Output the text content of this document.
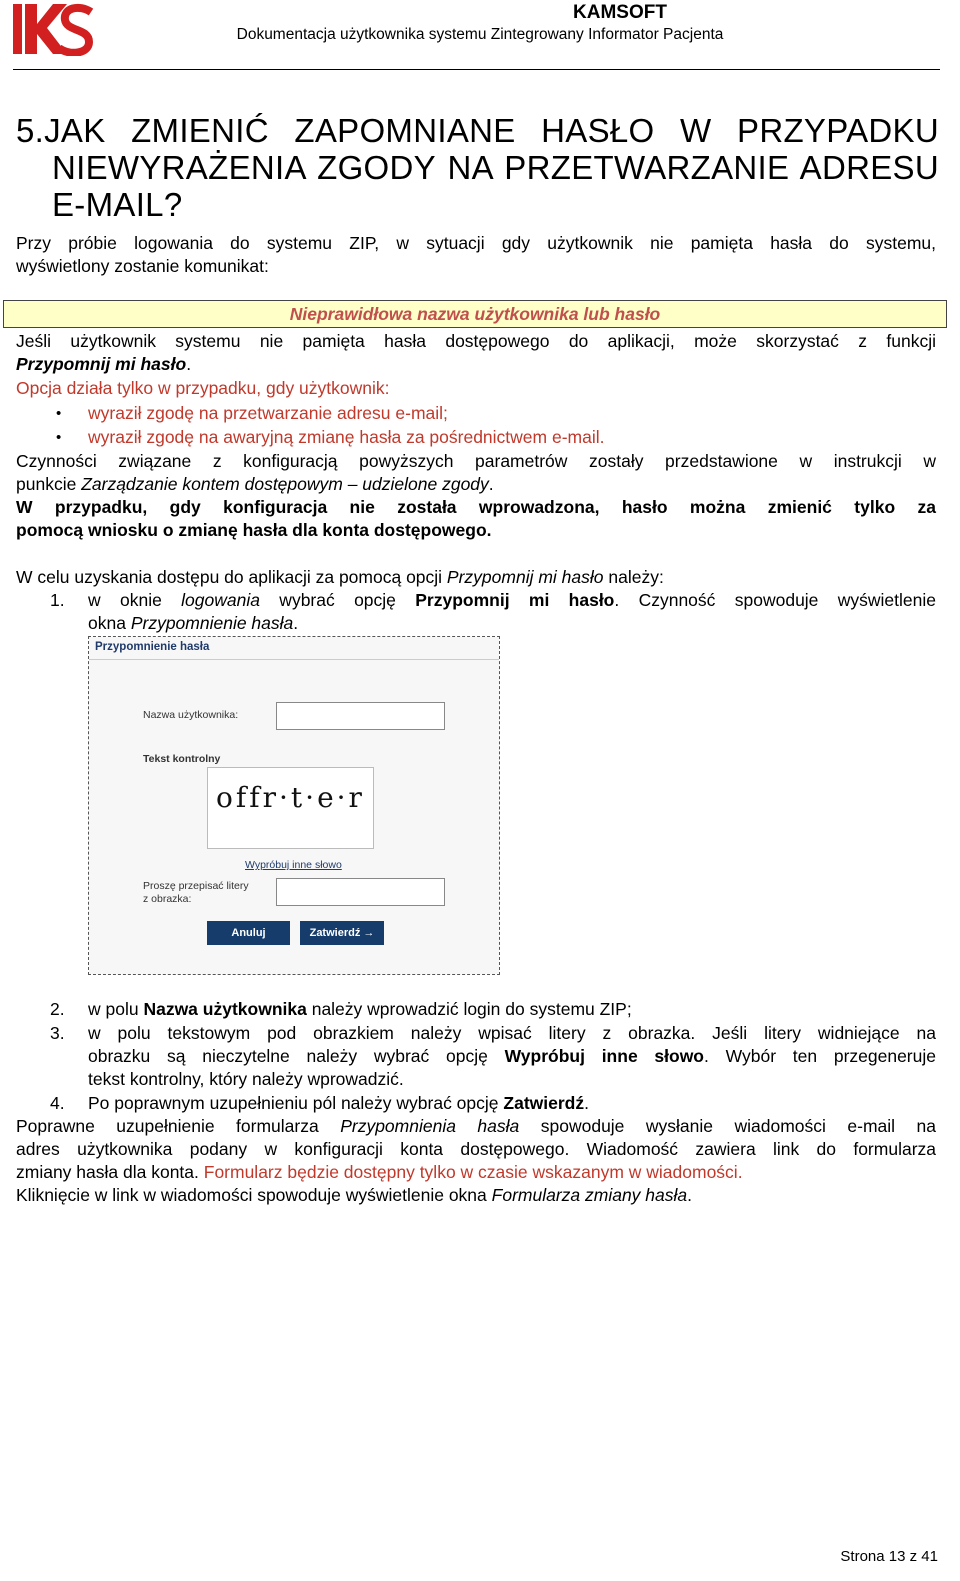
KAMSOFT
Dokumentacja użytkownika systemu Zintegrowany Informator Pacjenta
5.JAK ZMIENIĆ ZAPOMNIANE HASŁO W PRZYPADKU
NIEWYRAŻENIA ZGODY NA PRZETWARZANIE ADRESU
E-MAIL?
Przy próbie logowania do systemu ZIP, w sytuacji gdy użytkownik nie pamięta hasła do systemu,
wyświetlony zostanie komunikat:
Nieprawidłowa nazwa użytkownika lub hasło
Jeśli użytkownik systemu nie pamięta hasła dostępowego do aplikacji, może skorzystać z funkcji
Przypomnij mi hasło.
Opcja działa tylko w przypadku, gdy użytkownik:
• wyraził zgodę na przetwarzanie adresu e-mail;
• wyraził zgodę na awaryjną zmianę hasła za pośrednictwem e-mail.
Czynności związane z konfiguracją powyższych parametrów zostały przedstawione w instrukcji w
punkcie Zarządzanie kontem dostępowym – udzielone zgody.
W przypadku, gdy konfiguracja nie została wprowadzona, hasło można zmienić tylko za
pomocą wniosku o zmianę hasła dla konta dostępowego.
W celu uzyskania dostępu do aplikacji za pomocą opcji Przypomnij mi hasło należy:
1. w oknie logowania wybrać opcję Przypomnij mi hasło. Czynność spowoduje wyświetlenie
okna Przypomnienie hasła.
Przypomnienie hasła
Nazwa użytkownika:
Tekst kontrolny
offr·t·e·r
Wypróbuj inne słowo
Proszę przepisać litery
z obrazka:
Anuluj	Zatwierdź →
2. w polu Nazwa użytkownika należy wprowadzić login do systemu ZIP;
3. w polu tekstowym pod obrazkiem należy wpisać litery z obrazka. Jeśli litery widniejące na
obrazku są nieczytelne należy wybrać opcję Wypróbuj inne słowo. Wybór ten przegeneruje
tekst kontrolny, który należy wprowadzić.
4. Po poprawnym uzupełnieniu pól należy wybrać opcję Zatwierdź.
Poprawne uzupełnienie formularza Przypomnienia hasła spowoduje wysłanie wiadomości e-mail na
adres użytkownika podany w konfiguracji konta dostępowego. Wiadomość zawiera link do formularza
zmiany hasła dla konta. Formularz będzie dostępny tylko w czasie wskazanym w wiadomości.
Kliknięcie w link w wiadomości spowoduje wyświetlenie okna Formularza zmiany hasła.
Strona 13 z 41
